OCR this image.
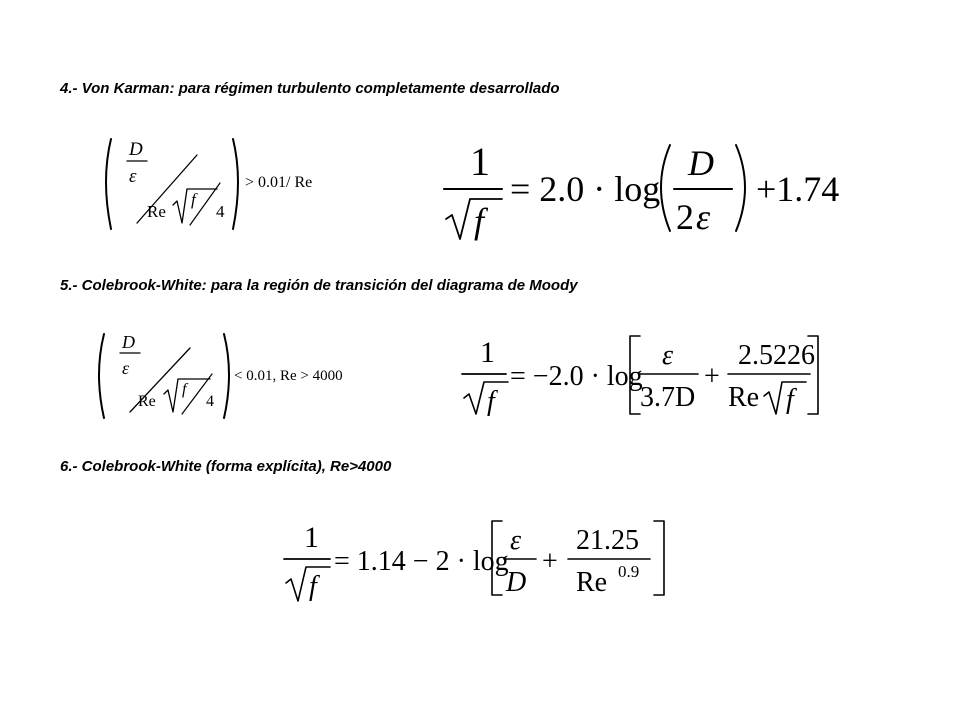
4.- Von Karman: para régimen turbulento completamente desarrollado
D
ε
Re
f
4
> 0.01/ Re	1
f
= 2.0 · log
D
2 ε
+1.74
5.- Colebrook-White: para la región de transición del diagrama de Moody
D
ε
Re
f
4
< 0.01, Re > 4000
1
f
= −2.0 · log
ε
3.7D
+
2.5226
Re f
6.- Colebrook-White (forma explícita), Re>4000
1
f
= 1.14 − 2 · log
ε
D
+
21.25
Re 0.9
